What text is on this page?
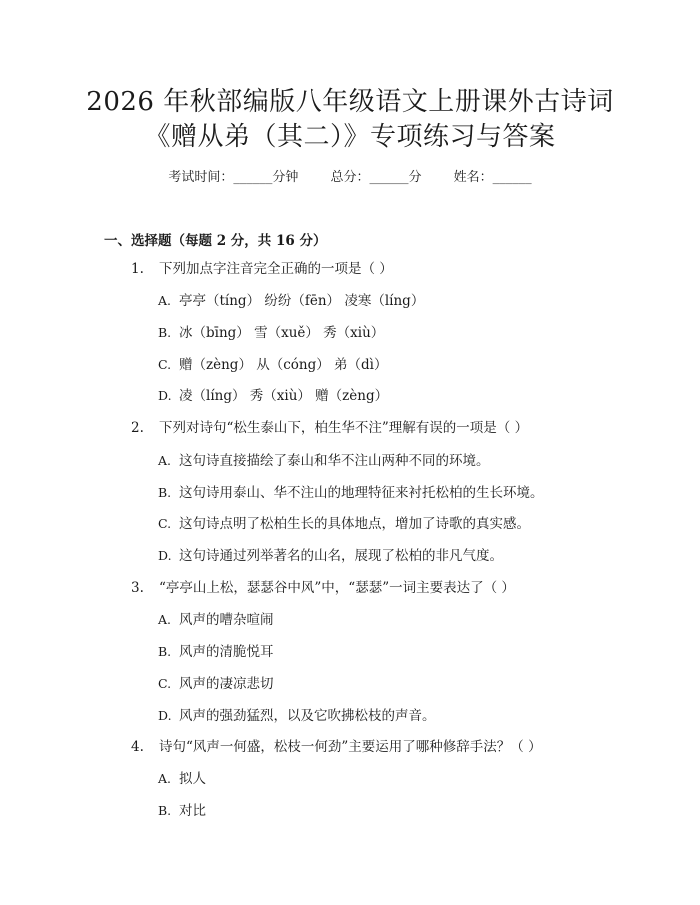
2026 年秋部编版八年级语文上册课外古诗词
《赠从弟（其二）》专项练习与答案
考试时间：______分钟 总分：______分 姓名：______
一、选择题（每题 2 分，共 16 分）
1. 下列加点字注音完全正确的一项是（ ）
A. 亭亭（tíng） 纷纷（fēn） 凌寒（líng）
B. 冰（bīng） 雪（xuě） 秀（xiù）
C. 赠（zèng） 从（cóng） 弟（dì）
D. 凌（líng） 秀（xiù） 赠（zèng）
2. 下列对诗句“松生泰山下，柏生华不注”理解有误的一项是（ ）
A. 这句诗直接描绘了泰山和华不注山两种不同的环境。
B. 这句诗用泰山、华不注山的地理特征来衬托松柏的生长环境。
C. 这句诗点明了松柏生长的具体地点，增加了诗歌的真实感。
D. 这句诗通过列举著名的山名，展现了松柏的非凡气度。
3. “亭亭山上松，瑟瑟谷中风”中，“瑟瑟”一词主要表达了（ ）
A. 风声的嘈杂喧闹
B. 风声的清脆悦耳
C. 风声的凄凉悲切
D. 风声的强劲猛烈，以及它吹拂松枝的声音。
4. 诗句“风声一何盛，松枝一何劲”主要运用了哪种修辞手法？（ ）
A. 拟人
B. 对比
